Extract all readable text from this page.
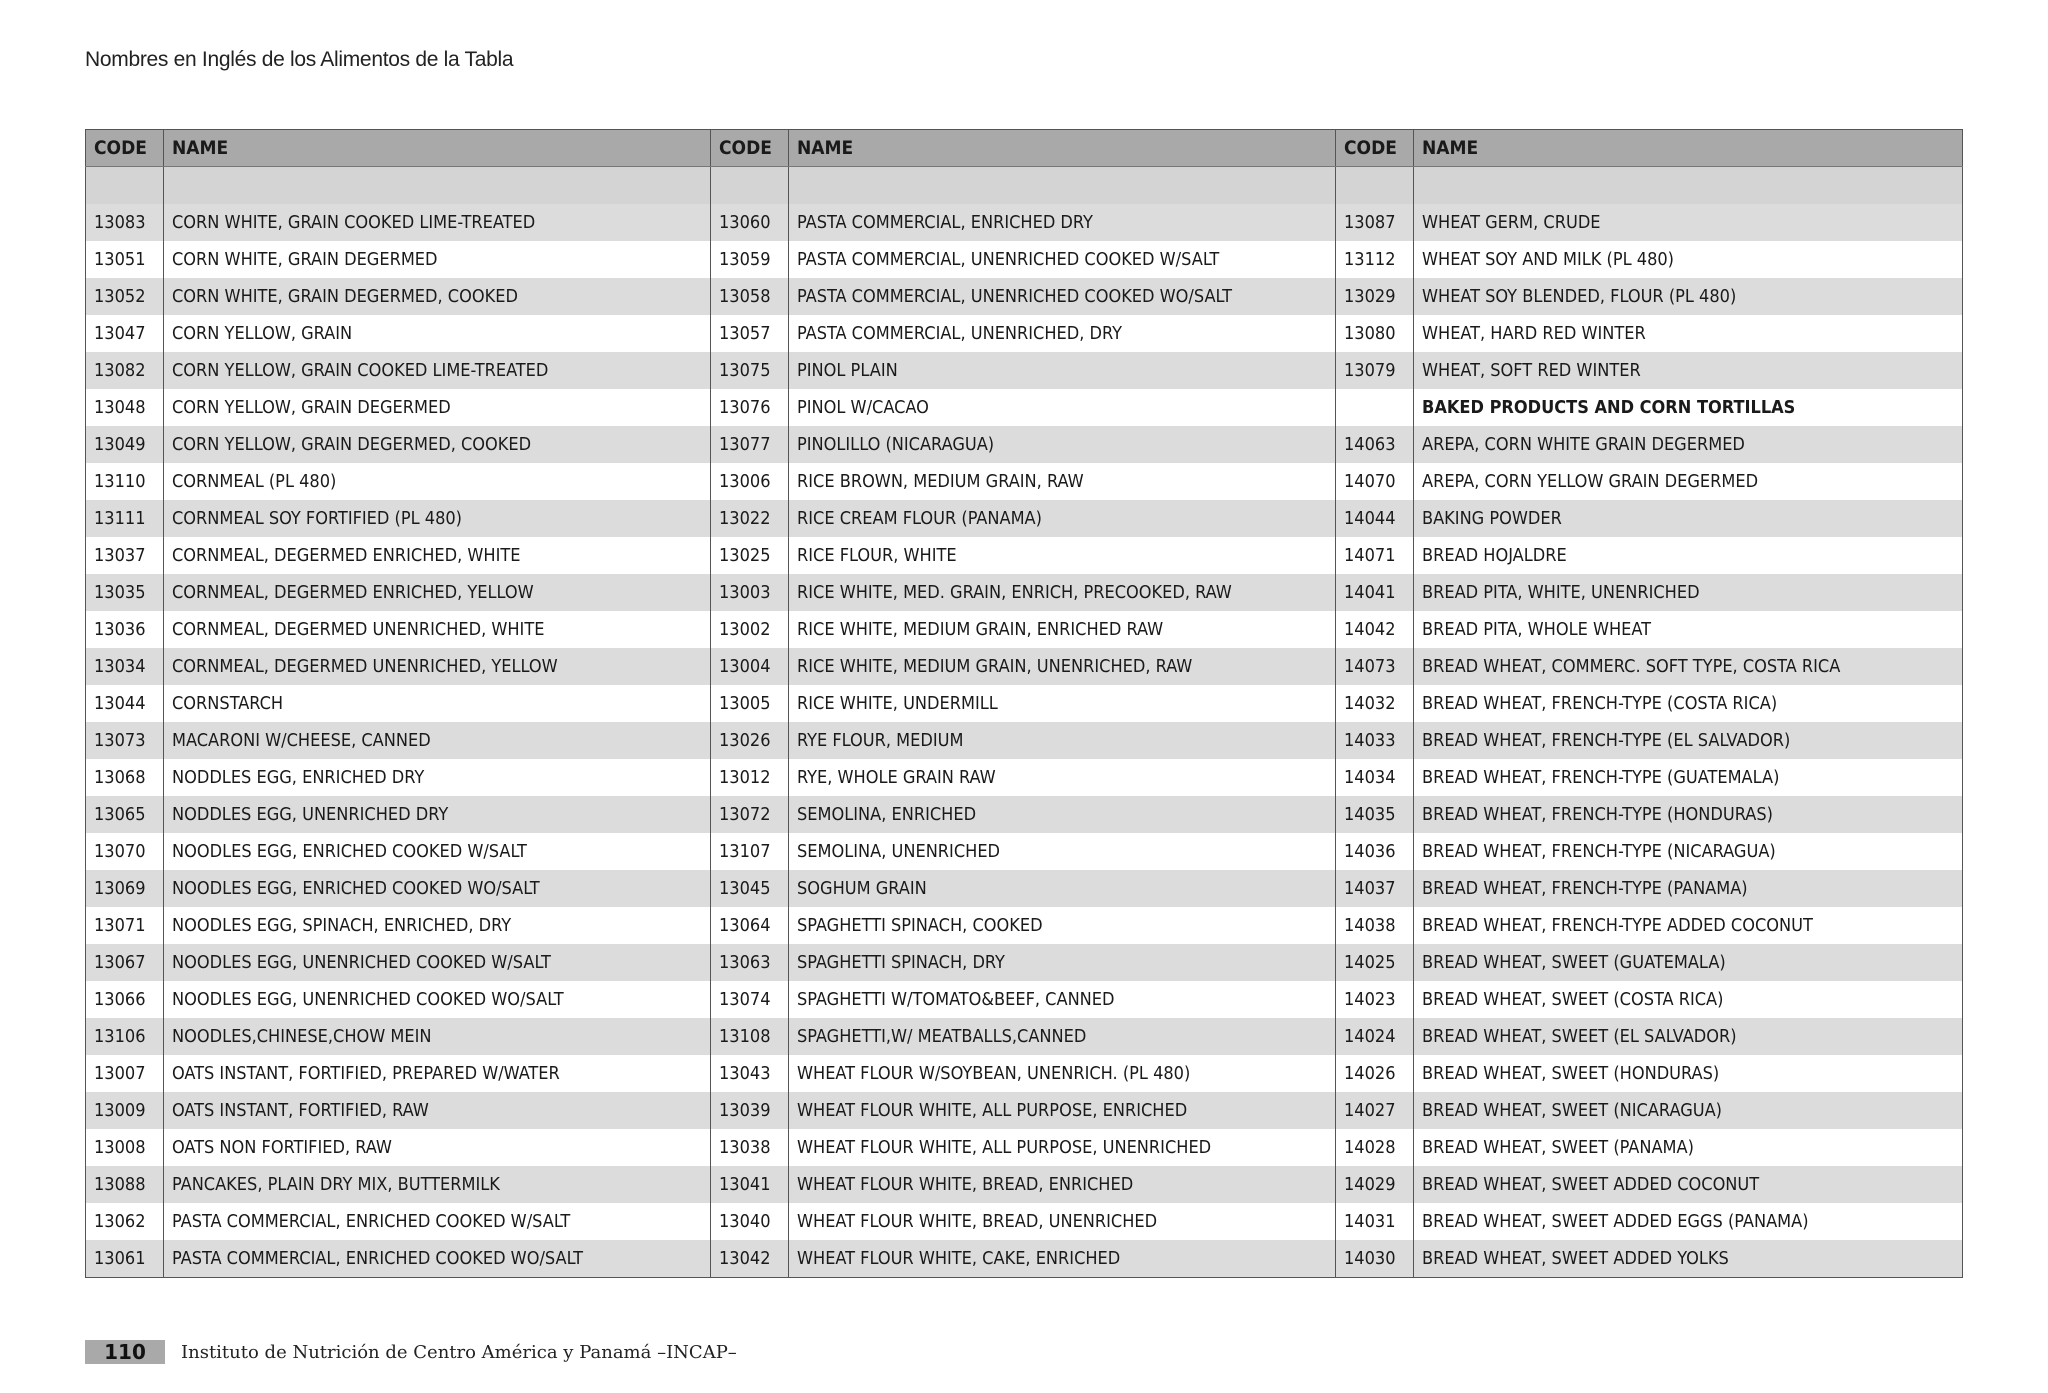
Nombres en Inglés de los Alimentos de la Tabla
CODE	NAME	CODE	NAME	CODE	NAME

13083	CORN WHITE, GRAIN COOKED LIME-TREATED	13060	PASTA COMMERCIAL, ENRICHED DRY	13087	WHEAT GERM, CRUDE
13051	CORN WHITE, GRAIN DEGERMED	13059	PASTA COMMERCIAL, UNENRICHED COOKED W/SALT	13112	WHEAT SOY AND MILK (PL 480)
13052	CORN WHITE, GRAIN DEGERMED, COOKED	13058	PASTA COMMERCIAL, UNENRICHED COOKED WO/SALT	13029	WHEAT SOY BLENDED, FLOUR (PL 480)
13047	CORN YELLOW, GRAIN	13057	PASTA COMMERCIAL, UNENRICHED, DRY	13080	WHEAT, HARD RED WINTER
13082	CORN YELLOW, GRAIN COOKED LIME-TREATED	13075	PINOL PLAIN	13079	WHEAT, SOFT RED WINTER
13048	CORN YELLOW, GRAIN DEGERMED	13076	PINOL W/CACAO		BAKED PRODUCTS AND CORN TORTILLAS
13049	CORN YELLOW, GRAIN DEGERMED, COOKED	13077	PINOLILLO (NICARAGUA)	14063	AREPA, CORN WHITE GRAIN DEGERMED
13110	CORNMEAL (PL 480)	13006	RICE BROWN, MEDIUM GRAIN, RAW	14070	AREPA, CORN YELLOW GRAIN DEGERMED
13111	CORNMEAL SOY FORTIFIED (PL 480)	13022	RICE CREAM FLOUR (PANAMA)	14044	BAKING POWDER
13037	CORNMEAL, DEGERMED ENRICHED, WHITE	13025	RICE FLOUR, WHITE	14071	BREAD HOJALDRE
13035	CORNMEAL, DEGERMED ENRICHED, YELLOW	13003	RICE WHITE, MED. GRAIN, ENRICH, PRECOOKED, RAW	14041	BREAD PITA, WHITE, UNENRICHED
13036	CORNMEAL, DEGERMED UNENRICHED, WHITE	13002	RICE WHITE, MEDIUM GRAIN, ENRICHED RAW	14042	BREAD PITA, WHOLE WHEAT
13034	CORNMEAL, DEGERMED UNENRICHED, YELLOW	13004	RICE WHITE, MEDIUM GRAIN, UNENRICHED, RAW	14073	BREAD WHEAT, COMMERC. SOFT TYPE, COSTA RICA
13044	CORNSTARCH	13005	RICE WHITE, UNDERMILL	14032	BREAD WHEAT, FRENCH-TYPE (COSTA RICA)
13073	MACARONI W/CHEESE, CANNED	13026	RYE FLOUR, MEDIUM	14033	BREAD WHEAT, FRENCH-TYPE (EL SALVADOR)
13068	NODDLES EGG, ENRICHED DRY	13012	RYE, WHOLE GRAIN RAW	14034	BREAD WHEAT, FRENCH-TYPE (GUATEMALA)
13065	NODDLES EGG, UNENRICHED DRY	13072	SEMOLINA, ENRICHED	14035	BREAD WHEAT, FRENCH-TYPE (HONDURAS)
13070	NOODLES EGG, ENRICHED COOKED W/SALT	13107	SEMOLINA, UNENRICHED	14036	BREAD WHEAT, FRENCH-TYPE (NICARAGUA)
13069	NOODLES EGG, ENRICHED COOKED WO/SALT	13045	SOGHUM GRAIN	14037	BREAD WHEAT, FRENCH-TYPE (PANAMA)
13071	NOODLES EGG, SPINACH, ENRICHED, DRY	13064	SPAGHETTI SPINACH, COOKED	14038	BREAD WHEAT, FRENCH-TYPE ADDED COCONUT
13067	NOODLES EGG, UNENRICHED COOKED W/SALT	13063	SPAGHETTI SPINACH, DRY	14025	BREAD WHEAT, SWEET (GUATEMALA)
13066	NOODLES EGG, UNENRICHED COOKED WO/SALT	13074	SPAGHETTI W/TOMATO&BEEF, CANNED	14023	BREAD WHEAT, SWEET (COSTA RICA)
13106	NOODLES,CHINESE,CHOW MEIN	13108	SPAGHETTI,W/ MEATBALLS,CANNED	14024	BREAD WHEAT, SWEET (EL SALVADOR)
13007	OATS INSTANT, FORTIFIED, PREPARED W/WATER	13043	WHEAT FLOUR W/SOYBEAN, UNENRICH. (PL 480)	14026	BREAD WHEAT, SWEET (HONDURAS)
13009	OATS INSTANT, FORTIFIED, RAW	13039	WHEAT FLOUR WHITE, ALL PURPOSE, ENRICHED	14027	BREAD WHEAT, SWEET (NICARAGUA)
13008	OATS NON FORTIFIED, RAW	13038	WHEAT FLOUR WHITE, ALL PURPOSE, UNENRICHED	14028	BREAD WHEAT, SWEET (PANAMA)
13088	PANCAKES, PLAIN DRY MIX, BUTTERMILK	13041	WHEAT FLOUR WHITE, BREAD, ENRICHED	14029	BREAD WHEAT, SWEET ADDED COCONUT
13062	PASTA COMMERCIAL, ENRICHED COOKED W/SALT	13040	WHEAT FLOUR WHITE, BREAD, UNENRICHED	14031	BREAD WHEAT, SWEET ADDED EGGS (PANAMA)
13061	PASTA COMMERCIAL, ENRICHED COOKED WO/SALT	13042	WHEAT FLOUR WHITE, CAKE, ENRICHED	14030	BREAD WHEAT, SWEET ADDED YOLKS
110	Instituto de Nutrición de Centro América y Panamá –INCAP–
